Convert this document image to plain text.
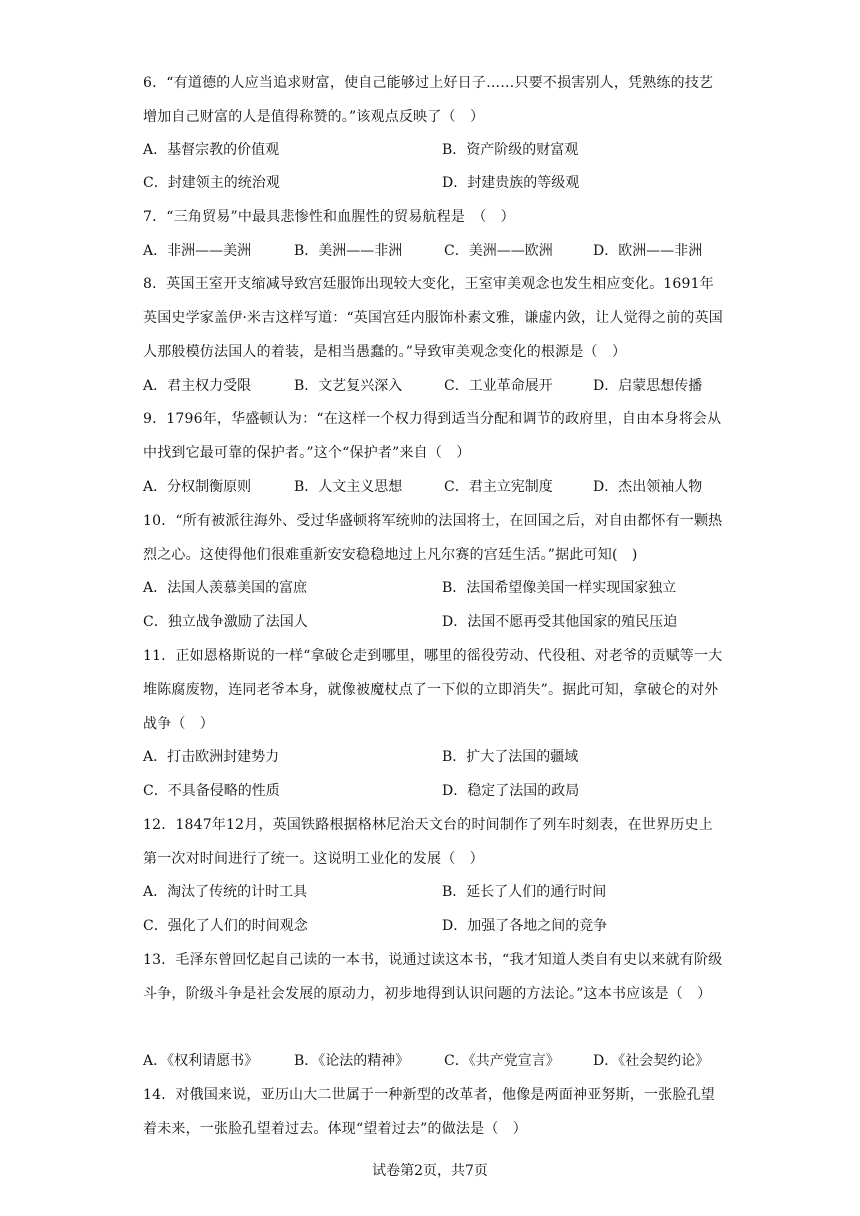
6．“有道德的人应当追求财富，使自己能够过上好日子……只要不损害别人，凭熟练的技艺增加自己财富的人是值得称赞的。”该观点反映了（　）
A．基督宗教的价值观	B．资产阶级的财富观
C．封建领主的统治观	D．封建贵族的等级观
7．“三角贸易”中最具悲惨性和血腥性的贸易航程是　（　）
A．非洲——美洲	B．美洲——非洲	C．美洲——欧洲	D．欧洲——非洲
8．英国王室开支缩减导致宫廷服饰出现较大变化，王室审美观念也发生相应变化。1691年英国史学家盖伊·米吉这样写道：“英国宫廷内服饰朴素文雅，谦虚内敛，让人觉得之前的英国人那般模仿法国人的着装，是相当愚蠢的。”导致审美观念变化的根源是（　）
A．君主权力受限	B．文艺复兴深入	C．工业革命展开	D．启蒙思想传播
9．1796年，华盛顿认为：“在这样一个权力得到适当分配和调节的政府里，自由本身将会从中找到它最可靠的保护者。”这个“保护者”来自（　）
A．分权制衡原则	B．人文主义思想	C．君主立宪制度	D．杰出领袖人物
10．“所有被派往海外、受过华盛顿将军统帅的法国将士，在回国之后，对自由都怀有一颗热烈之心。这使得他们很难重新安安稳稳地过上凡尔赛的宫廷生活。”据此可知(　)
A．法国人羡慕美国的富庶	B．法国希望像美国一样实现国家独立
C．独立战争激励了法国人	D．法国不愿再受其他国家的殖民压迫
11．正如恩格斯说的一样“拿破仑走到哪里，哪里的徭役劳动、代役租、对老爷的贡赋等一大堆陈腐废物，连同老爷本身，就像被魔杖点了一下似的立即消失”。据此可知，拿破仑的对外战争（　）
A．打击欧洲封建势力	B．扩大了法国的疆域
C．不具备侵略的性质	D．稳定了法国的政局
12．1847年12月，英国铁路根据格林尼治天文台的时间制作了列车时刻表，在世界历史上第一次对时间进行了统一。这说明工业化的发展（　）
A．淘汰了传统的计时工具	B．延长了人们的通行时间
C．强化了人们的时间观念	D．加强了各地之间的竞争
13．毛泽东曾回忆起自己读的一本书，说通过读这本书，“我才知道人类自有史以来就有阶级斗争，阶级斗争是社会发展的原动力，初步地得到认识问题的方法论。”这本书应该是（　）
A．《权利请愿书》	B．《论法的精神》 C．《共产党宣言》 D．《社会契约论》
14．对俄国来说，亚历山大二世属于一种新型的改革者，他像是两面神亚努斯，一张脸孔望着未来，一张脸孔望着过去。体现“望着过去”的做法是（　）
试卷第2页，共7页
